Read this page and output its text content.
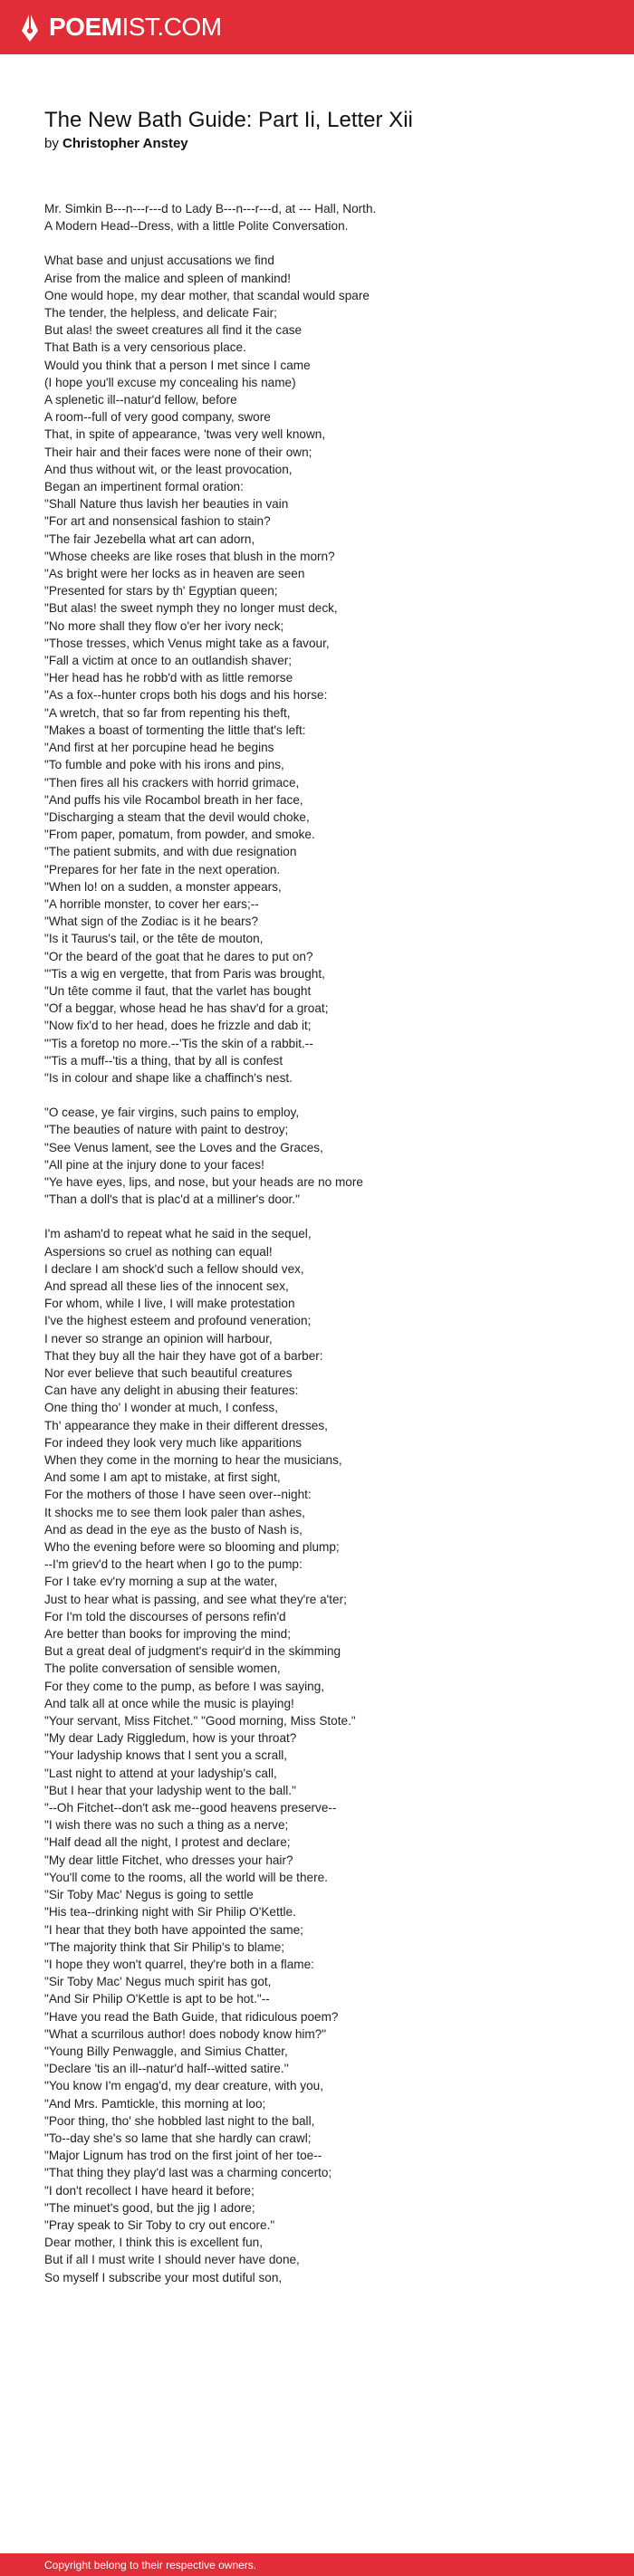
POEMIST.COM
The New Bath Guide: Part Ii, Letter Xii
by Christopher Anstey
Mr. Simkin B---n---r---d to Lady B---n---r---d, at --- Hall, North.
A Modern Head--Dress, with a little Polite Conversation.
What base and unjust accusations we find
Arise from the malice and spleen of mankind!
One would hope, my dear mother, that scandal would spare
The tender, the helpless, and delicate Fair;
But alas! the sweet creatures all find it the case
That Bath is a very censorious place.
Would you think that a person I met since I came
(I hope you'll excuse my concealing his name)
A splenetic ill--natur'd fellow, before
A room--full of very good company, swore
That, in spite of appearance, 'twas very well known,
Their hair and their faces were none of their own;
And thus without wit, or the least provocation,
Began an impertinent formal oration:
"Shall Nature thus lavish her beauties in vain
"For art and nonsensical fashion to stain?
"The fair Jezebella what art can adorn,
"Whose cheeks are like roses that blush in the morn?
"As bright were her locks as in heaven are seen
"Presented for stars by th' Egyptian queen;
"But alas! the sweet nymph they no longer must deck,
"No more shall they flow o'er her ivory neck;
"Those tresses, which Venus might take as a favour,
"Fall a victim at once to an outlandish shaver;
"Her head has he robb'd with as little remorse
"As a fox--hunter crops both his dogs and his horse:
"A wretch, that so far from repenting his theft,
"Makes a boast of tormenting the little that's left:
"And first at her porcupine head he begins
"To fumble and poke with his irons and pins,
"Then fires all his crackers with horrid grimace,
"And puffs his vile Rocambol breath in her face,
"Discharging a steam that the devil would choke,
"From paper, pomatum, from powder, and smoke.
"The patient submits, and with due resignation
"Prepares for her fate in the next operation.
"When lo! on a sudden, a monster appears,
"A horrible monster, to cover her ears;--
"What sign of the Zodiac is it he bears?
"Is it Taurus's tail, or the tête de mouton,
"Or the beard of the goat that he dares to put on?
"'Tis a wig en vergette, that from Paris was brought,
"Un tête comme il faut, that the varlet has bought
"Of a beggar, whose head he has shav'd for a groat;
"Now fix'd to her head, does he frizzle and dab it;
"'Tis a foretop no more.--'Tis the skin of a rabbit.--
"'Tis a muff--'tis a thing, that by all is confest
"Is in colour and shape like a chaffinch's nest.
"O cease, ye fair virgins, such pains to employ,
"The beauties of nature with paint to destroy;
"See Venus lament, see the Loves and the Graces,
"All pine at the injury done to your faces!
"Ye have eyes, lips, and nose, but your heads are no more
"Than a doll's that is plac'd at a milliner's door."
I'm asham'd to repeat what he said in the sequel,
Aspersions so cruel as nothing can equal!
I declare I am shock'd such a fellow should vex,
And spread all these lies of the innocent sex,
For whom, while I live, I will make protestation
I've the highest esteem and profound veneration;
I never so strange an opinion will harbour,
That they buy all the hair they have got of a barber:
Nor ever believe that such beautiful creatures
Can have any delight in abusing their features:
One thing tho' I wonder at much, I confess,
Th' appearance they make in their different dresses,
For indeed they look very much like apparitions
When they come in the morning to hear the musicians,
And some I am apt to mistake, at first sight,
For the mothers of those I have seen over--night:
It shocks me to see them look paler than ashes,
And as dead in the eye as the busto of Nash is,
Who the evening before were so blooming and plump;
--I'm griev'd to the heart when I go to the pump:
For I take ev'ry morning a sup at the water,
Just to hear what is passing, and see what they're a'ter;
For I'm told the discourses of persons refin'd
Are better than books for improving the mind;
But a great deal of judgment's requir'd in the skimming
The polite conversation of sensible women,
For they come to the pump, as before I was saying,
And talk all at once while the music is playing!
"Your servant, Miss Fitchet." "Good morning, Miss Stote."
"My dear Lady Riggledum, how is your throat?
"Your ladyship knows that I sent you a scrall,
"Last night to attend at your ladyship's call,
"But I hear that your ladyship went to the ball."
"--Oh Fitchet--don't ask me--good heavens preserve--
"I wish there was no such a thing as a nerve;
"Half dead all the night, I protest and declare;
"My dear little Fitchet, who dresses your hair?
"You'll come to the rooms, all the world will be there.
"Sir Toby Mac' Negus is going to settle
"His tea--drinking night with Sir Philip O'Kettle.
"I hear that they both have appointed the same;
"The majority think that Sir Philip's to blame;
"I hope they won't quarrel, they're both in a flame:
"Sir Toby Mac' Negus much spirit has got,
"And Sir Philip O'Kettle is apt to be hot."--
"Have you read the Bath Guide, that ridiculous poem?
"What a scurrilous author! does nobody know him?"
"Young Billy Penwaggle, and Simius Chatter,
"Declare 'tis an ill--natur'd half--witted satire.''
"You know I'm engag'd, my dear creature, with you,
"And Mrs. Pamtickle, this morning at loo;
"Poor thing, tho' she hobbled last night to the ball,
"To--day she's so lame that she hardly can crawl;
"Major Lignum has trod on the first joint of her toe--
"That thing they play'd last was a charming concerto;
"I don't recollect I have heard it before;
"The minuet's good, but the jig I adore;
"Pray speak to Sir Toby to cry out encore."
Dear mother, I think this is excellent fun,
But if all I must write I should never have done,
So myself I subscribe your most dutiful son,
Copyright belong to their respective owners.
